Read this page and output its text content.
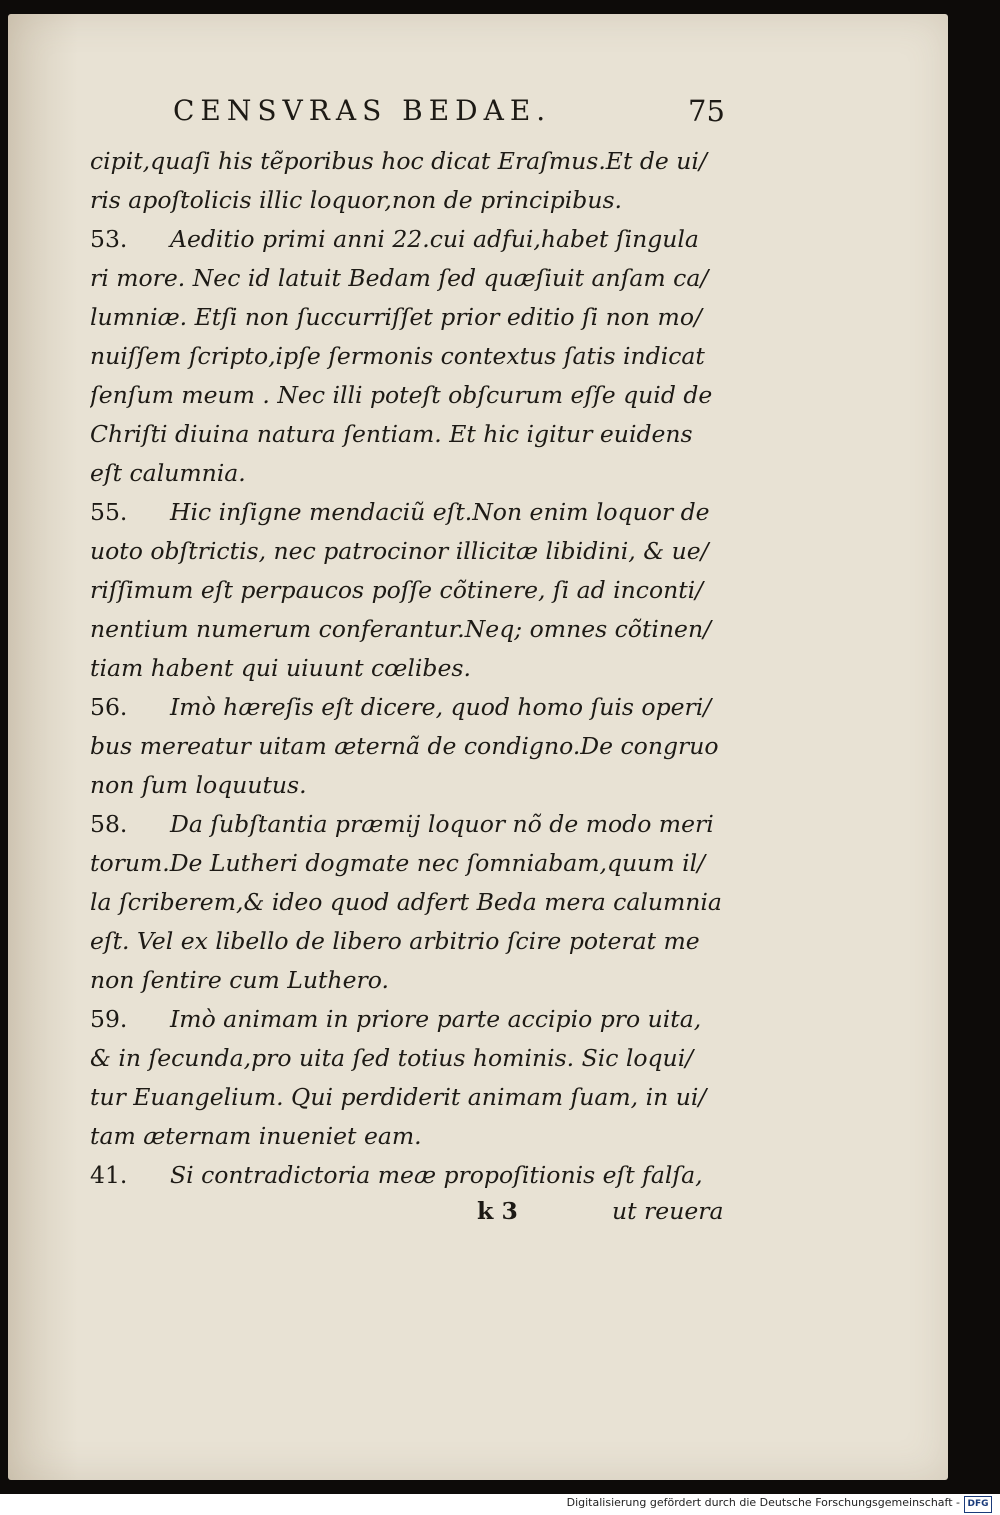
CENSVRAS BEDAE.	75
cipit,quaſi his tẽporibus hoc dicat Eraſmus.Et de ui/
ris apoſtolicis illic loquor,non de principibus.
53. Aeditio primi anni 22.cui adfui,habet ſingula
ri more. Nec id latuit Bedam ſed quæſiuit anſam ca/
lumniæ. Etſi non ſuccurriſſet prior editio ſi non mo/
nuiſſem ſcripto,ipſe ſermonis contextus ſatis indicat
ſenſum meum . Nec illi poteſt obſcurum eſſe quid de
Chriſti diuina natura ſentiam. Et hic igitur euidens
eſt calumnia.
55. Hic inſigne mendaciũ eſt.Non enim loquor de
uoto obſtrictis, nec patrocinor illicitæ libidini, & ue/
riſſimum eſt perpaucos poſſe cõtinere, ſi ad inconti/
nentium numerum conferantur.Neq; omnes cõtinen/
tiam habent qui uiuunt cœlibes.
56. Imò hæreſis eſt dicere, quod homo ſuis operi/
bus mereatur uitam æternã de condigno.De congruo
non ſum loquutus.
58. Da ſubſtantia præmij loquor nõ de modo meri
torum.De Lutheri dogmate nec ſomniabam,quum il/
la ſcriberem,& ideo quod adfert Beda mera calumnia
eſt. Vel ex libello de libero arbitrio ſcire poterat me
non ſentire cum Luthero.
59. Imò animam in priore parte accipio pro uita,
& in ſecunda,pro uita ſed totius hominis. Sic loqui/
tur Euangelium. Qui perdiderit animam ſuam, in ui/
tam æternam inueniet eam.
41. Si contradictoria meæ propoſitionis eſt falſa,
k 3	ut reuera
Digitalisierung gefördert durch die Deutsche Forschungsgemeinschaft - DFG
